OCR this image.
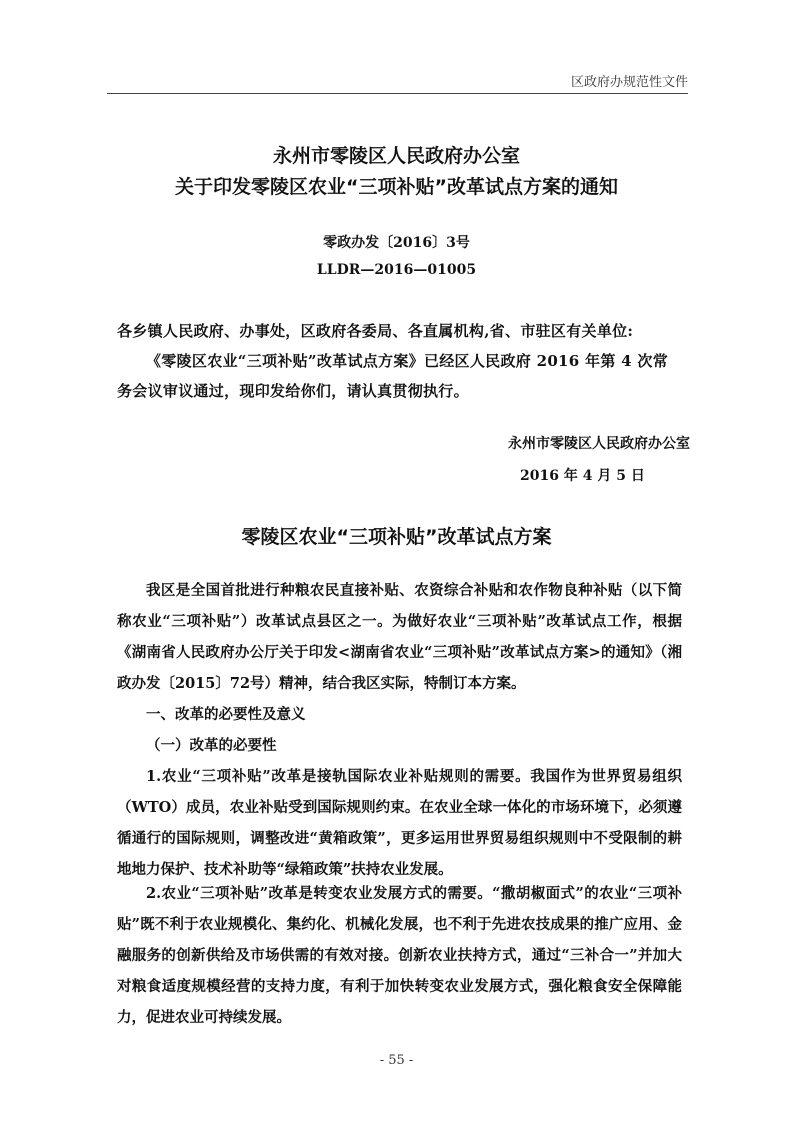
区政府办规范性文件
永州市零陵区人民政府办公室
关于印发零陵区农业“三项补贴”改革试点方案的通知
零政办发〔2016〕3号
LLDR—2016—01005
各乡镇人民政府、办事处，区政府各委局、各直属机构,省、市驻区有关单位:
《零陵区农业“三项补贴”改革试点方案》已经区人民政府 2016 年第 4 次常
务会议审议通过，现印发给你们，请认真贯彻执行。
永州市零陵区人民政府办公室
2016 年 4 月 5 日
零陵区农业“三项补贴”改革试点方案
我区是全国首批进行种粮农民直接补贴、农资综合补贴和农作物良种补贴（以下简称农业“三项补贴”）改革试点县区之一。为做好农业“三项补贴”改革试点工作，根据《湖南省人民政府办公厅关于印发<湖南省农业“三项补贴”改革试点方案>的通知》（湘政办发〔2015〕72号）精神，结合我区实际，特制订本方案。
一、改革的必要性及意义
（一）改革的必要性
1.农业“三项补贴”改革是接轨国际农业补贴规则的需要。我国作为世界贸易组织（WTO）成员，农业补贴受到国际规则约束。在农业全球一体化的市场环境下，必须遵循通行的国际规则，调整改进“黄箱政策”，更多运用世界贸易组织规则中不受限制的耕地地力保护、技术补助等“绿箱政策”扶持农业发展。
2.农业“三项补贴”改革是转变农业发展方式的需要。“撒胡椒面式”的农业“三项补贴”既不利于农业规模化、集约化、机械化发展，也不利于先进农技成果的推广应用、金融服务的创新供给及市场供需的有效对接。创新农业扶持方式，通过“三补合一”并加大对粮食适度规模经营的支持力度，有利于加快转变农业发展方式，强化粮食安全保障能力，促进农业可持续发展。
- 55 -
